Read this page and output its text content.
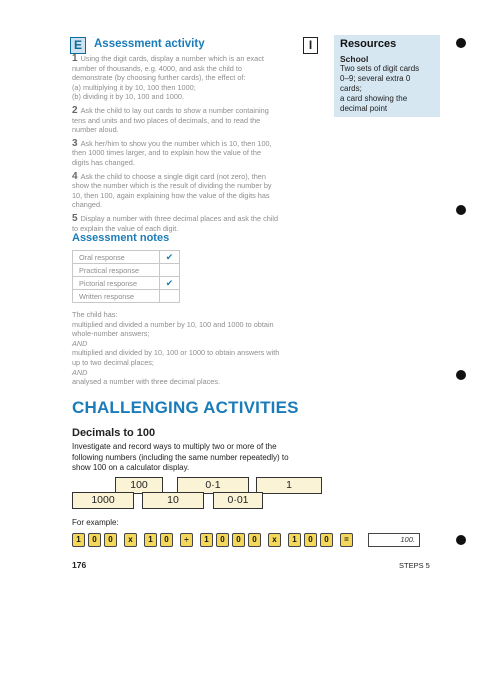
E	Assessment activity	I	Resources
School
Two sets of digit cards
0–9; several extra 0 cards;
a card showing the
decimal point
1 Using the digit cards, display a number which is an exact
number of thousands, e.g. 4000, and ask the child to
demonstrate (by choosing further cards), the effect of:
(a) multiplying it by 10, 100 then 1000;
(b) dividing it by 10, 100 and 1000.
2 Ask the child to lay out cards to show a number containing
tens and units and two places of decimals, and to read the
number aloud.
3 Ask her/him to show you the number which is 10, then 100,
then 1000 times larger, and to explain how the value of the
digits has changed.
4 Ask the child to choose a single digit card (not zero), then
show the number which is the result of dividing the number by
10, then 100, again explaining how the value of the digits has
changed.
5 Display a number with three decimal places and ask the child
to explain the value of each digit.
Assessment notes
Oral response	✔
Practical response	
Pictorial response	✔
Written response	
The child has:
multiplied and divided a number by 10, 100 and 1000 to obtain
whole-number answers;
AND
multiplied and divided by 10, 100 or 1000 to obtain answers with
up to two decimal places;
AND
analysed a number with three decimal places.
CHALLENGING ACTIVITIES
Decimals to 100
Investigate and record ways to multiply two or more of the
following numbers (including the same number repeatedly) to
show 100 on a calculator display.
100	0·1	1
1000	10	0·01
For example:
1	0	0	x	1	0	÷	1	0	0	0	x	1	0	0	=	100.
176	STEPS 5
